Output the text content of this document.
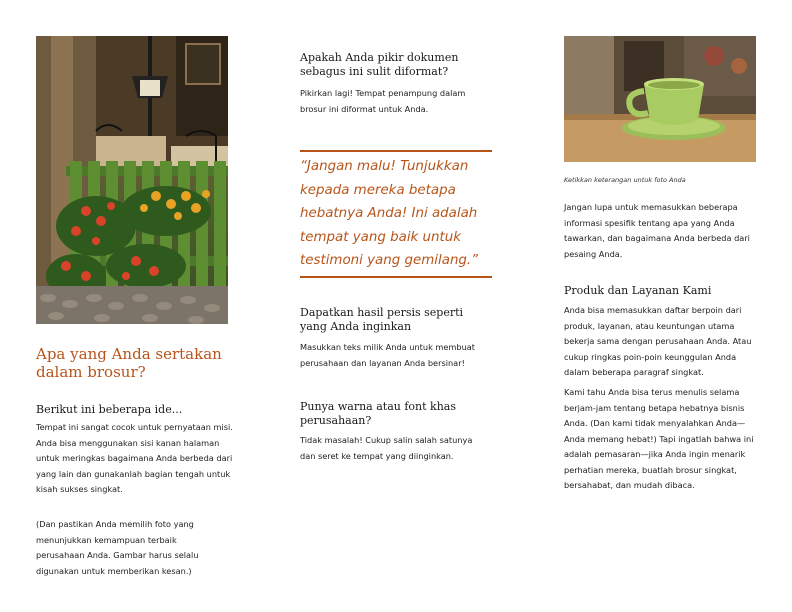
Apa yang Anda sertakan dalam brosur?
Berikut ini beberapa ide...
Tempat ini sangat cocok untuk pernyataan misi. Anda bisa menggunakan sisi kanan halaman untuk meringkas bagaimana Anda berbeda dari yang lain dan gunakanlah bagian tengah untuk kisah sukses singkat.
(Dan pastikan Anda memilih foto yang menunjukkan kemampuan terbaik perusahaan Anda. Gambar harus selalu digunakan untuk memberikan kesan.)
Apakah Anda pikir dokumen sebagus ini sulit diformat?
Pikirkan lagi! Tempat penampung dalam brosur ini diformat untuk Anda.
“Jangan malu! Tunjukkan kepada mereka betapa hebatnya Anda! Ini adalah tempat yang baik untuk testimoni yang gemilang.”
Dapatkan hasil persis seperti yang Anda inginkan
Masukkan teks milik Anda untuk membuat perusahaan dan layanan Anda bersinar!
Punya warna atau font khas perusahaan?
Tidak masalah! Cukup salin salah satunya dan seret ke tempat yang diinginkan.
Ketikkan keterangan untuk foto Anda
Jangan lupa untuk memasukkan beberapa informasi spesifik tentang apa yang Anda tawarkan, dan bagaimana Anda berbeda dari pesaing Anda.
Produk dan Layanan Kami
Anda bisa memasukkan daftar berpoin dari produk, layanan, atau keuntungan utama bekerja sama dengan perusahaan Anda. Atau cukup ringkas poin-poin keunggulan Anda dalam beberapa paragraf singkat.
Kami tahu Anda bisa terus menulis selama berjam-jam tentang betapa hebatnya bisnis Anda. (Dan kami tidak menyalahkan Anda—Anda memang hebat!) Tapi ingatlah bahwa ini adalah pemasaran—jika Anda ingin menarik perhatian mereka, buatlah brosur singkat, bersahabat, dan mudah dibaca.
